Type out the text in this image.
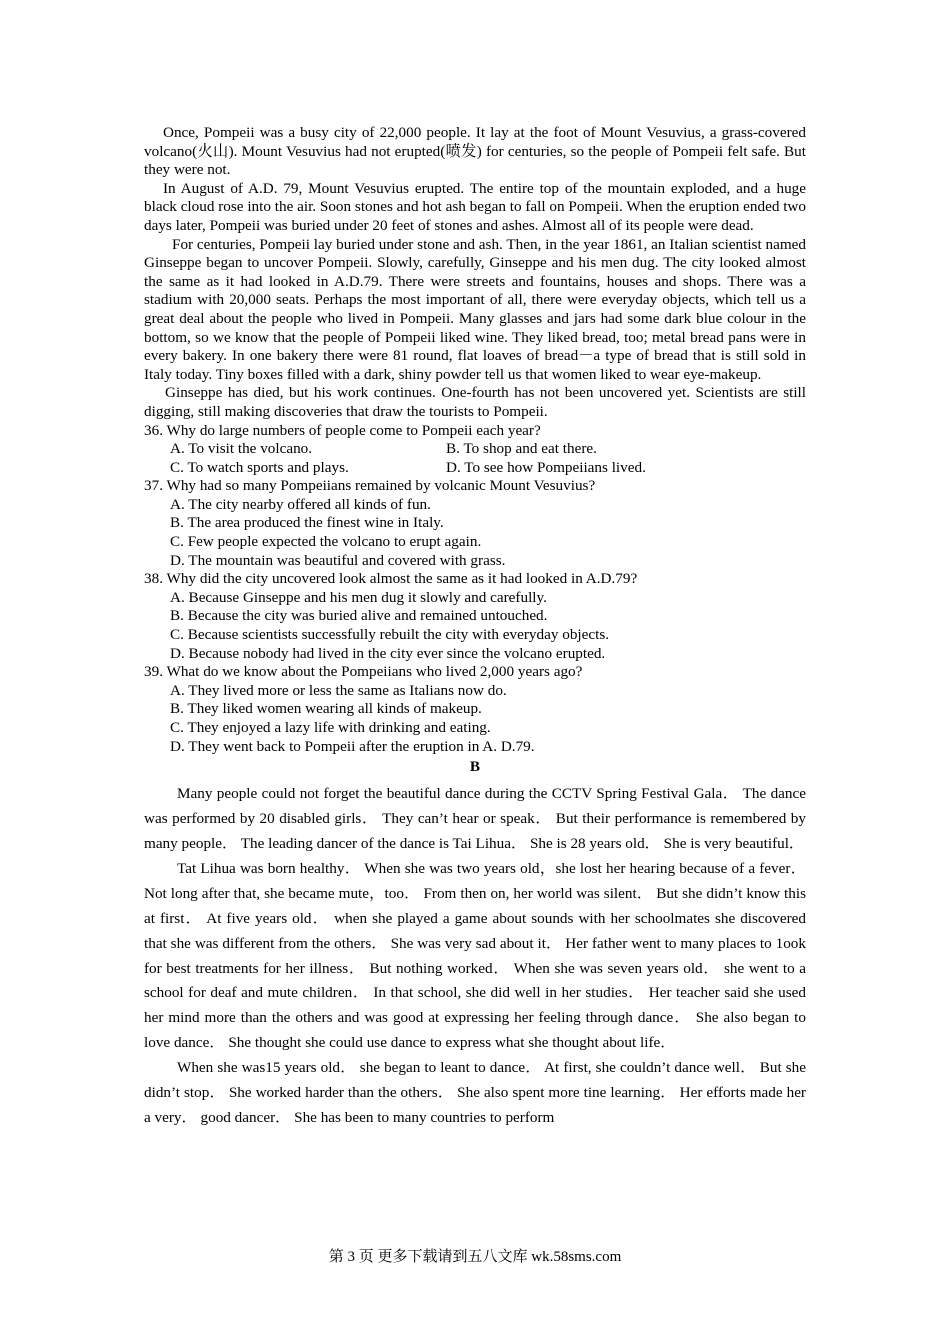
Once, Pompeii was a busy city of 22,000 people. It lay at the foot of Mount Vesuvius, a grass-covered volcano(火山). Mount Vesuvius had not erupted(喷发) for centuries, so the people of Pompeii felt safe. But they were not.

In August of A.D. 79, Mount Vesuvius erupted. The entire top of the mountain exploded, and a huge black cloud rose into the air. Soon stones and hot ash began to fall on Pompeii. When the eruption ended two days later, Pompeii was buried under 20 feet of stones and ashes. Almost all of its people were dead.

For centuries, Pompeii lay buried under stone and ash. Then, in the year 1861, an Italian scientist named Ginseppe began to uncover Pompeii. Slowly, carefully, Ginseppe and his men dug. The city looked almost the same as it had looked in A.D.79. There were streets and fountains, houses and shops. There was a stadium with 20,000 seats. Perhaps the most important of all, there were everyday objects, which tell us a great deal about the people who lived in Pompeii. Many glasses and jars had some dark blue colour in the bottom, so we know that the people of Pompeii liked wine. They liked bread, too; metal bread pans were in every bakery. In one bakery there were 81 round, flat loaves of bread－a type of bread that is still sold in Italy today. Tiny boxes filled with a dark, shiny powder tell us that women liked to wear eye-makeup.

Ginseppe has died, but his work continues. One-fourth has not been uncovered yet. Scientists are still digging, still making discoveries that draw the tourists to Pompeii.

36. Why do large numbers of people come to Pompeii each year?

A. To visit the volcano.	B. To shop and eat there.
C. To watch sports and plays.	D. To see how Pompeiians lived.

37. Why had so many Pompeiians remained by volcanic Mount Vesuvius?

A. The city nearby offered all kinds of fun.

B. The area produced the finest wine in Italy.

C. Few people expected the volcano to erupt again.

D. The mountain was beautiful and covered with grass.

38. Why did the city uncovered look almost the same as it had looked in A.D.79?

A. Because Ginseppe and his men dug it slowly and carefully.

B. Because the city was buried alive and remained untouched.

C. Because scientists successfully rebuilt the city with everyday objects.

D. Because nobody had lived in the city ever since the volcano erupted.

39. What do we know about the Pompeiians who lived 2,000 years ago?

A. They lived more or less the same as Italians now do.

B. They liked women wearing all kinds of makeup.

C. They enjoyed a lazy life with drinking and eating.

D. They went back to Pompeii after the eruption in A. D.79.

B

Many people could not forget the beautiful dance during the CCTV Spring Festival Gala． The dance was performed by 20 disabled girls． They can’t hear or speak． But their performance is remembered by many people． The leading dancer of the dance is Tai Lihua． She is 28 years old． She is very beautiful．

Tat Lihua was born healthy． When she was two years old，she lost her hearing because of a fever． Not long after that, she became mute，too． From then on, her world was silent． But she didn’t know this at first． At five years old． when she played a game about sounds with her schoolmates she discovered that she was different from the others． She was very sad about it． Her father went to many places to 1ook for best treatments for her illness． But nothing worked． When she was seven years old． she went to a school for deaf and mute children． In that school, she did well in her studies． Her teacher said she used her mind more than the others and was good at expressing her feeling through dance． She also began to love dance． She thought she could use dance to express what she thought about life．

When she was15 years old． she began to leant to dance． At first, she couldn’t dance well． But she didn’t stop． She worked harder than the others． She also spent more tine learning． Her efforts made her a very． good dancer． She has been to many countries to perform

第 3 页 更多下载请到五八文库 wk.58sms.com
